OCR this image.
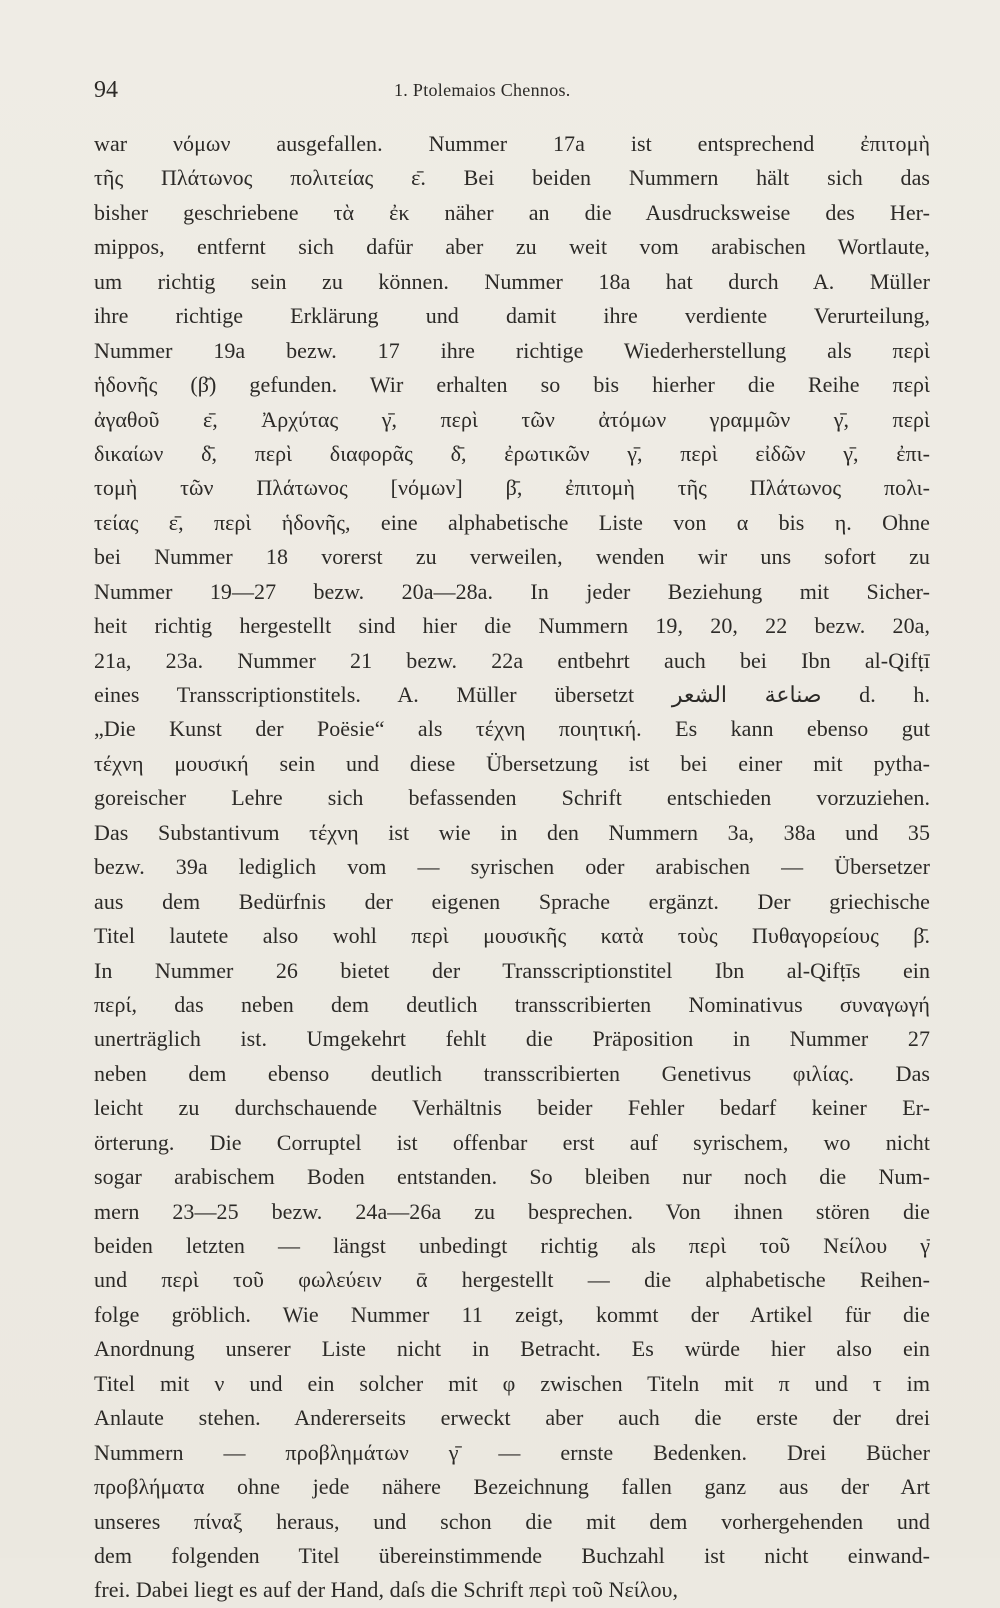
94	1. Ptolemaios Chennos.
war νόμων ausgefallen. Nummer 17a ist entsprechend ἐπιτομὴ
τῆς Πλάτωνος πολιτείας ε̄. Bei beiden Nummern hält sich das
bisher geschriebene τὰ ἐκ näher an die Ausdrucksweise des Her-
mippos, entfernt sich dafür aber zu weit vom arabischen Wortlaute,
um richtig sein zu können. Nummer 18a hat durch A. Müller
ihre richtige Erklärung und damit ihre verdiente Verurteilung,
Nummer 19a bezw. 17 ihre richtige Wiederherstellung als περὶ
ἡδονῆς (β̄) gefunden. Wir erhalten so bis hierher die Reihe περὶ
ἀγαθοῦ ε̄, Ἀρχύτας γ̄, περὶ τῶν ἀτόμων γραμμῶν γ̄, περὶ
δικαίων δ̄, περὶ διαφορᾶς δ̄, ἐρωτικῶν γ̄, περὶ εἰδῶν γ̄, ἐπι-
τομὴ τῶν Πλάτωνος [νόμων] β̄, ἐπιτομὴ τῆς Πλάτωνος πολι-
τείας ε̄, περὶ ἡδονῆς, eine alphabetische Liste von α bis η. Ohne
bei Nummer 18 vorerst zu verweilen, wenden wir uns sofort zu
Nummer 19—27 bezw. 20a—28a. In jeder Beziehung mit Sicher-
heit richtig hergestellt sind hier die Nummern 19, 20, 22 bezw. 20a,
21a, 23a. Nummer 21 bezw. 22a entbehrt auch bei Ibn al-Qifṭī
eines Transscriptionstitels. A. Müller übersetzt صناعة الشعر d. h.
„Die Kunst der Poësie“ als τέχνη ποιητική. Es kann ebenso gut
τέχνη μουσική sein und diese Übersetzung ist bei einer mit pytha-
goreischer Lehre sich befassenden Schrift entschieden vorzuziehen.
Das Substantivum τέχνη ist wie in den Nummern 3a, 38a und 35
bezw. 39a lediglich vom — syrischen oder arabischen — Übersetzer
aus dem Bedürfnis der eigenen Sprache ergänzt. Der griechische
Titel lautete also wohl περὶ μουσικῆς κατὰ τοὺς Πυθαγορείους β̄.
In Nummer 26 bietet der Transscriptionstitel Ibn al-Qifṭīs ein
περί, das neben dem deutlich transscribierten Nominativus συναγωγή
unerträglich ist. Umgekehrt fehlt die Präposition in Nummer 27
neben dem ebenso deutlich transscribierten Genetivus φιλίας. Das
leicht zu durchschauende Verhältnis beider Fehler bedarf keiner Er-
örterung. Die Corruptel ist offenbar erst auf syrischem, wo nicht
sogar arabischem Boden entstanden. So bleiben nur noch die Num-
mern 23—25 bezw. 24a—26a zu besprechen. Von ihnen stören die
beiden letzten — längst unbedingt richtig als περὶ τοῦ Νείλου γ̄
und περὶ τοῦ φωλεύειν ᾱ hergestellt — die alphabetische Reihen-
folge gröblich. Wie Nummer 11 zeigt, kommt der Artikel für die
Anordnung unserer Liste nicht in Betracht. Es würde hier also ein
Titel mit ν und ein solcher mit φ zwischen Titeln mit π und τ im
Anlaute stehen. Andererseits erweckt aber auch die erste der drei
Nummern — προβλημάτων γ̄ — ernste Bedenken. Drei Bücher
προβλήματα ohne jede nähere Bezeichnung fallen ganz aus der Art
unseres πίναξ heraus, und schon die mit dem vorhergehenden und
dem folgenden Titel übereinstimmende Buchzahl ist nicht einwand-
frei. Dabei liegt es auf der Hand, daſs die Schrift περὶ τοῦ Νείλου,
